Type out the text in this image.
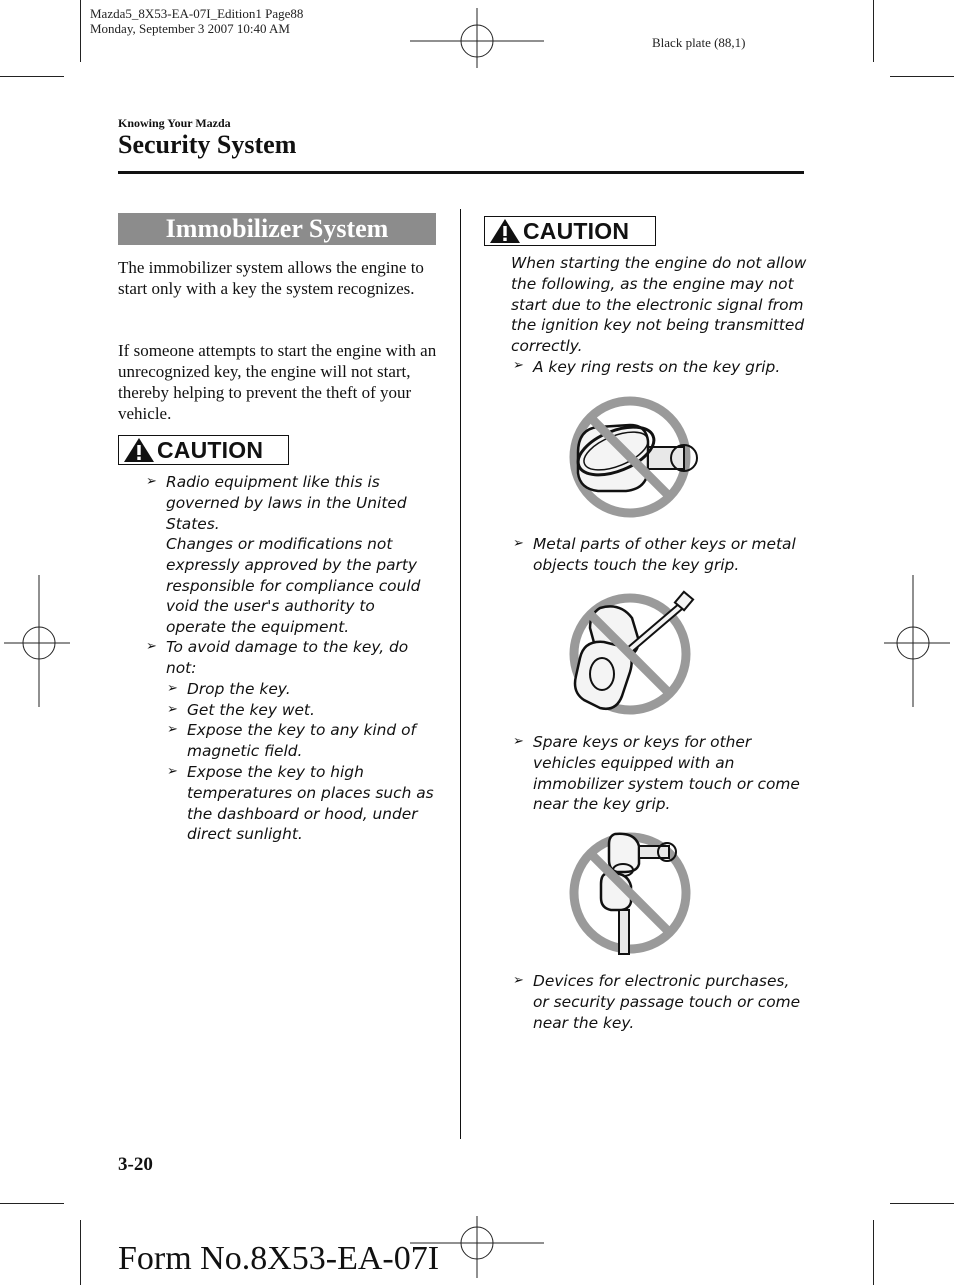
Mazda5_8X53-EA-07I_Edition1 Page88
Monday, September 3 2007 10:40 AM
Black plate (88,1)
Knowing Your Mazda
Security System
Immobilizer System
The immobilizer system allows the engine to start only with a key the system recognizes.
If someone attempts to start the engine with an unrecognized key, the engine will not start, thereby helping to prevent the theft of your vehicle.
CAUTION
➢ Radio equipment like this is governed by laws in the United States.
Changes or modifications not expressly approved by the party responsible for compliance could void the user's authority to operate the equipment.
➢ To avoid damage to the key, do not:
➢ Drop the key.
➢ Get the key wet.
➢ Expose the key to any kind of magnetic field.
➢ Expose the key to high temperatures on places such as the dashboard or hood, under direct sunlight.
CAUTION
When starting the engine do not allow the following, as the engine may not start due to the electronic signal from the ignition key not being transmitted correctly.
➢ A key ring rests on the key grip.
➢ Metal parts of other keys or metal objects touch the key grip.
➢ Spare keys or keys for other vehicles equipped with an immobilizer system touch or come near the key grip.
➢ Devices for electronic purchases, or security passage touch or come near the key.
3-20
Form No.8X53-EA-07I
